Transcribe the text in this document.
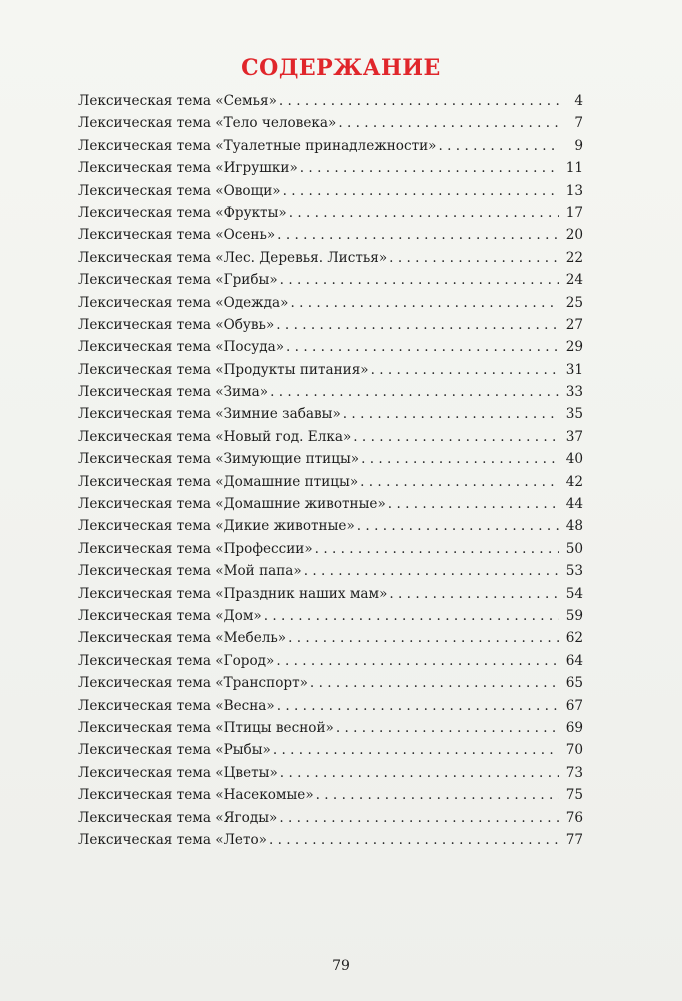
СОДЕРЖАНИЕ
Лексическая тема «Семья» . . .	4
Лексическая тема «Тело человека» . . .	7
Лексическая тема «Туалетные принадлежности» . . .	9
Лексическая тема «Игрушки» . . .	11
Лексическая тема «Овощи» . . .	13
Лексическая тема «Фрукты» . . .	17
Лексическая тема «Осень» . . .	20
Лексическая тема «Лес. Деревья. Листья» . . .	22
Лексическая тема «Грибы» . . .	24
Лексическая тема «Одежда» . . .	25
Лексическая тема «Обувь» . . .	27
Лексическая тема «Посуда» . . .	29
Лексическая тема «Продукты питания» . . .	31
Лексическая тема «Зима» . . .	33
Лексическая тема «Зимние забавы» . . .	35
Лексическая тема «Новый год. Елка» . . .	37
Лексическая тема «Зимующие птицы» . . .	40
Лексическая тема «Домашние птицы» . . .	42
Лексическая тема «Домашние животные» . . .	44
Лексическая тема «Дикие животные» . . .	48
Лексическая тема «Профессии» . . .	50
Лексическая тема «Мой папа» . . .	53
Лексическая тема «Праздник наших мам» . . .	54
Лексическая тема «Дом» . . .	59
Лексическая тема «Мебель» . . .	62
Лексическая тема «Город» . . .	64
Лексическая тема «Транспорт» . . .	65
Лексическая тема «Весна» . . .	67
Лексическая тема «Птицы весной» . . .	69
Лексическая тема «Рыбы» . . .	70
Лексическая тема «Цветы» . . .	73
Лексическая тема «Насекомые» . . .	75
Лексическая тема «Ягоды» . . .	76
Лексическая тема «Лето» . . .	77
79
